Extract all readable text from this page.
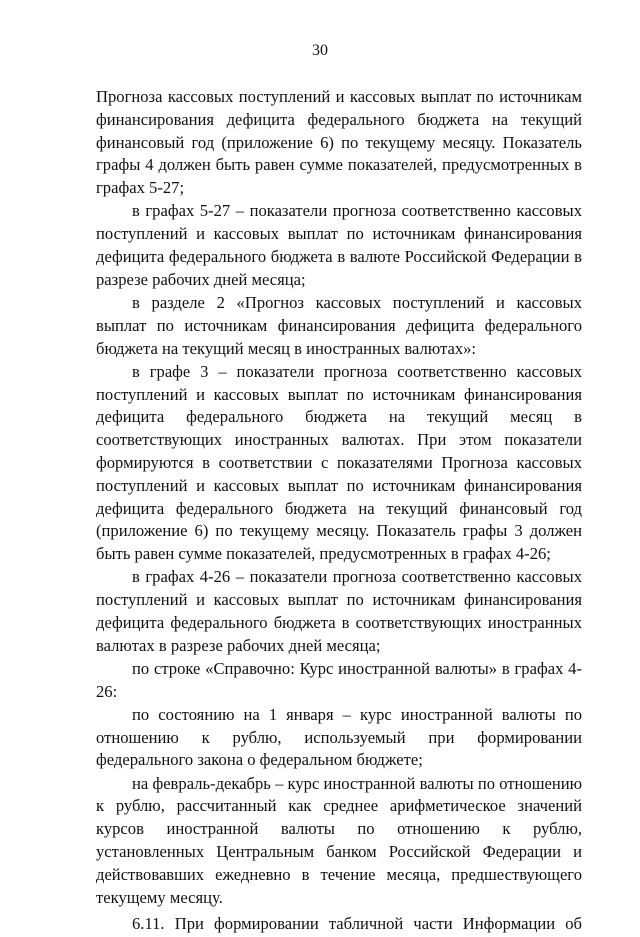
30

Прогноза кассовых поступлений и кассовых выплат по источникам финансирования дефицита федерального бюджета на текущий финансовый год (приложение 6) по текущему месяцу. Показатель графы 4 должен быть равен сумме показателей, предусмотренных в графах 5-27;

в графах 5-27 – показатели прогноза соответственно кассовых поступлений и кассовых выплат по источникам финансирования дефицита федерального бюджета в валюте Российской Федерации в разрезе рабочих дней месяца;

в разделе 2 «Прогноз кассовых поступлений и кассовых выплат по источникам финансирования дефицита федерального бюджета на текущий месяц в иностранных валютах»:

в графе 3 – показатели прогноза соответственно кассовых поступлений и кассовых выплат по источникам финансирования дефицита федерального бюджета на текущий месяц в соответствующих иностранных валютах. При этом показатели формируются в соответствии с показателями Прогноза кассовых поступлений и кассовых выплат по источникам финансирования дефицита федерального бюджета на текущий финансовый год (приложение 6) по текущему месяцу. Показатель графы 3 должен быть равен сумме показателей, предусмотренных в графах 4-26;

в графах 4-26 – показатели прогноза соответственно кассовых поступлений и кассовых выплат по источникам финансирования дефицита федерального бюджета в соответствующих иностранных валютах в разрезе рабочих дней месяца;

по строке «Справочно: Курс иностранной валюты» в графах 4-26:

по состоянию на 1 января – курс иностранной валюты по отношению к рублю, используемый при формировании федерального закона о федеральном бюджете;

на февраль-декабрь – курс иностранной валюты по отношению к рублю, рассчитанный как среднее арифметическое значений курсов иностранной валюты по отношению к рублю, установленных Центральным банком Российской Федерации и действовавших ежедневно в течение месяца, предшествующего текущему месяцу.

6.11. При формировании табличной части Информации об
